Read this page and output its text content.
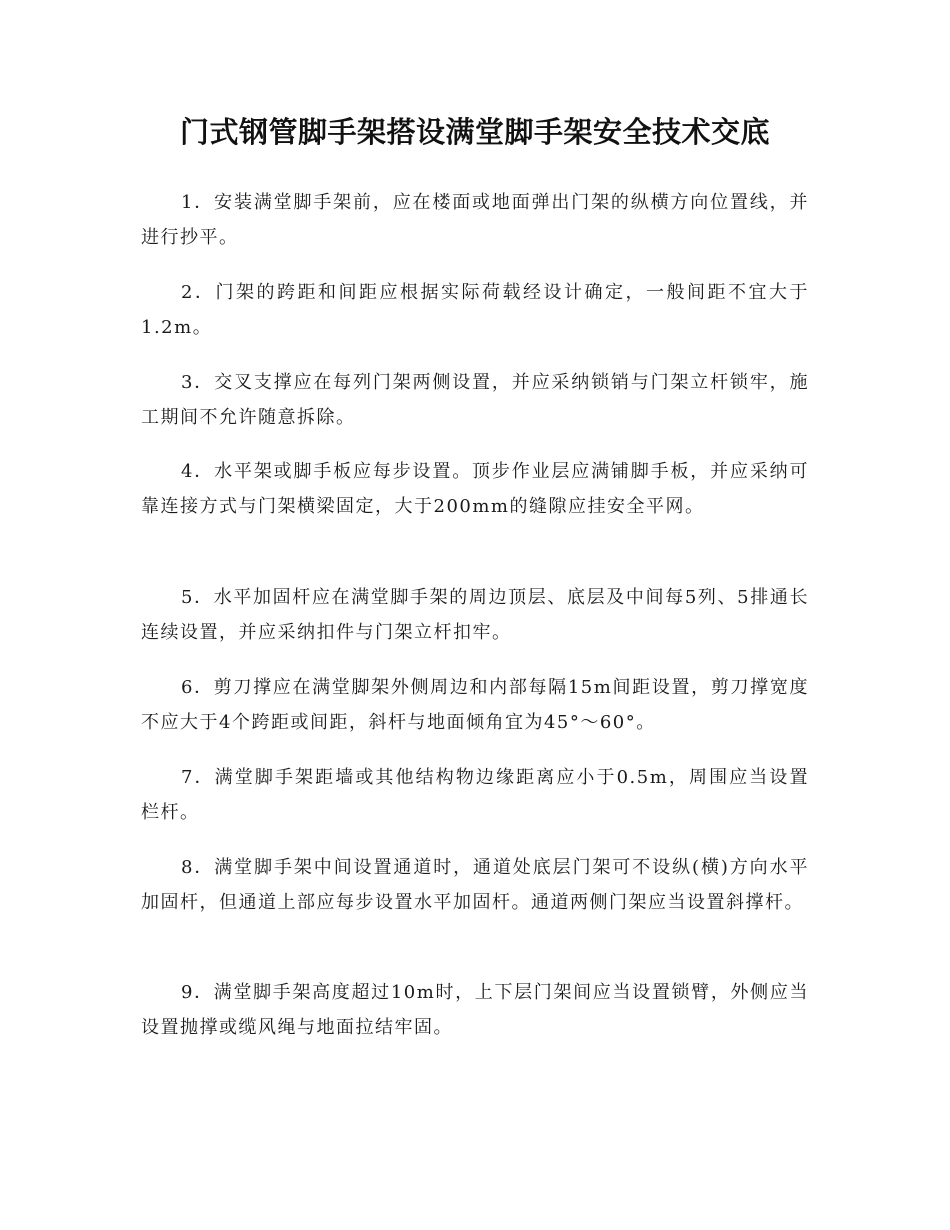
门式钢管脚手架搭设满堂脚手架安全技术交底

1．安装满堂脚手架前，应在楼面或地面弹出门架的纵横方向位置线，并进行抄平。

2．门架的跨距和间距应根据实际荷载经设计确定，一般间距不宜大于1.2m。

3．交叉支撑应在每列门架两侧设置，并应采纳锁销与门架立杆锁牢，施工期间不允许随意拆除。

4．水平架或脚手板应每步设置。顶步作业层应满铺脚手板，并应采纳可靠连接方式与门架横梁固定，大于200mm的缝隙应挂安全平网。

5．水平加固杆应在满堂脚手架的周边顶层、底层及中间每5列、5排通长连续设置，并应采纳扣件与门架立杆扣牢。

6．剪刀撑应在满堂脚架外侧周边和内部每隔15m间距设置，剪刀撑宽度不应大于4个跨距或间距，斜杆与地面倾角宜为45°～60°。

7．满堂脚手架距墙或其他结构物边缘距离应小于0.5m，周围应当设置栏杆。

8．满堂脚手架中间设置通道时，通道处底层门架可不设纵(横)方向水平加固杆，但通道上部应每步设置水平加固杆。通道两侧门架应当设置斜撑杆。

9．满堂脚手架高度超过10m时，上下层门架间应当设置锁臂，外侧应当设置抛撑或缆风绳与地面拉结牢固。
